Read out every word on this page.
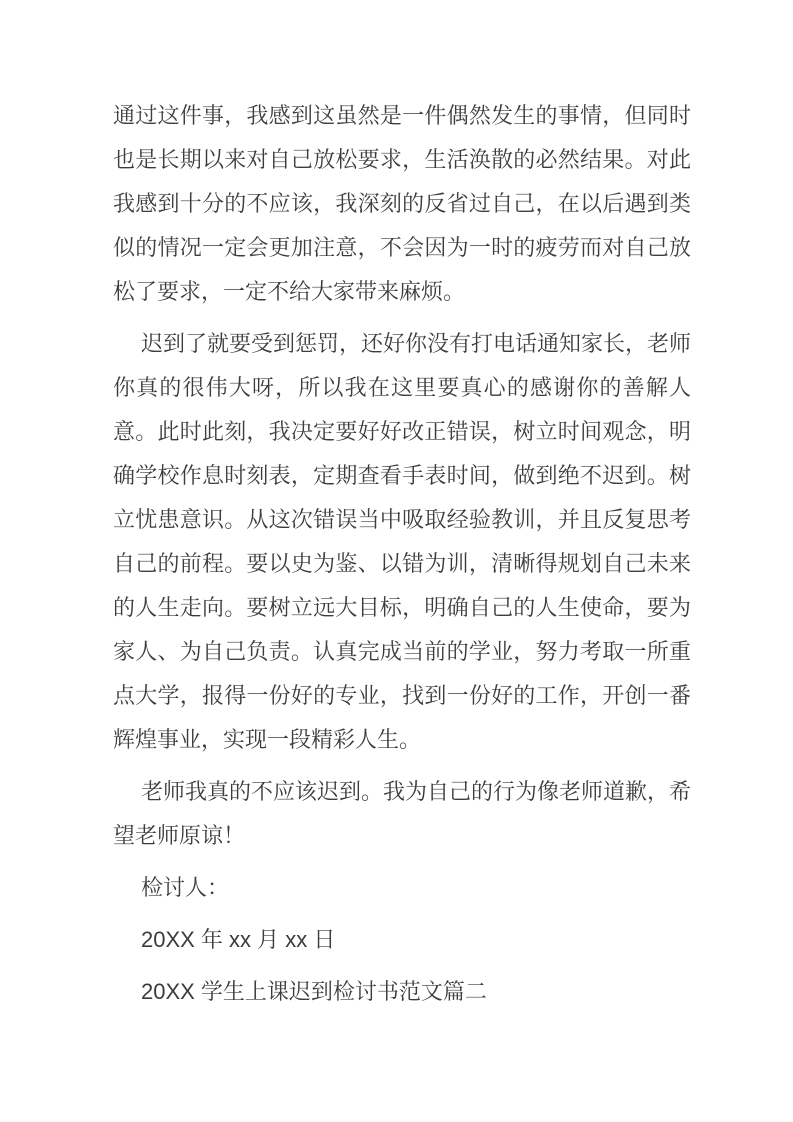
通过这件事，我感到这虽然是一件偶然发生的事情，但同时也是长期以来对自己放松要求，生活涣散的必然结果。对此我感到十分的不应该，我深刻的反省过自己，在以后遇到类似的情况一定会更加注意，不会因为一时的疲劳而对自己放松了要求，一定不给大家带来麻烦。

迟到了就要受到惩罚，还好你没有打电话通知家长，老师你真的很伟大呀，所以我在这里要真心的感谢你的善解人意。此时此刻，我决定要好好改正错误，树立时间观念，明确学校作息时刻表，定期查看手表时间，做到绝不迟到。树立忧患意识。从这次错误当中吸取经验教训，并且反复思考自己的前程。要以史为鉴、以错为训，清晰得规划自己未来的人生走向。要树立远大目标，明确自己的人生使命，要为家人、为自己负责。认真完成当前的学业，努力考取一所重点大学，报得一份好的专业，找到一份好的工作，开创一番辉煌事业，实现一段精彩人生。

老师我真的不应该迟到。我为自己的行为像老师道歉，希望老师原谅！

检讨人：

20XX 年 xx 月 xx 日

20XX 学生上课迟到检讨书范文篇二
